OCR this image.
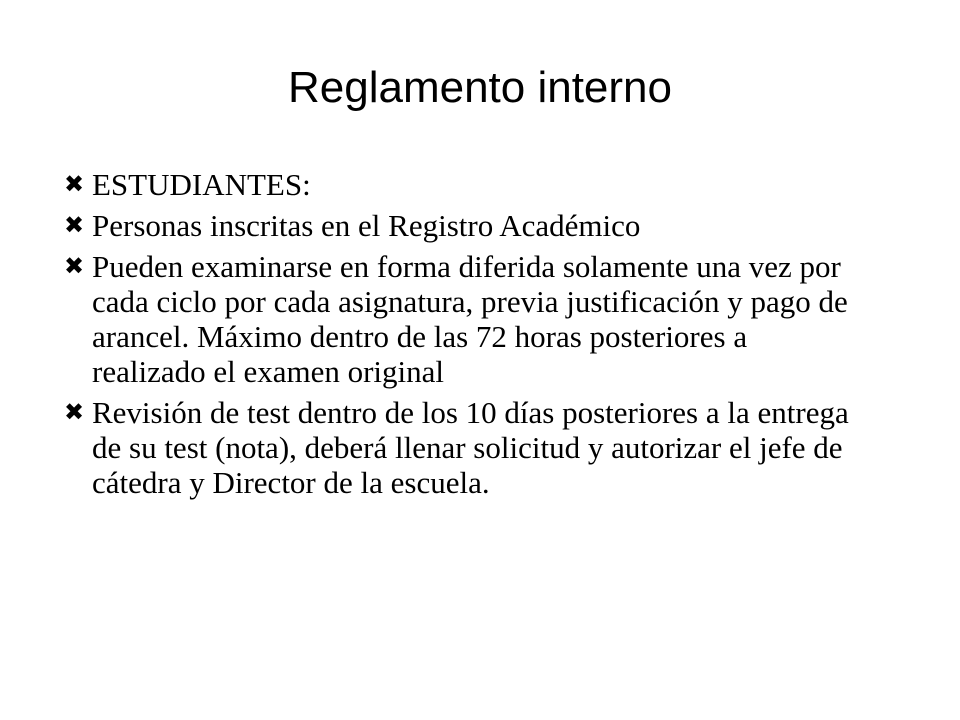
Reglamento interno
✖ ESTUDIANTES:
✖ Personas inscritas en el Registro Académico
✖ Pueden examinarse en forma diferida solamente una vez por cada ciclo por cada asignatura, previa justificación y pago de arancel. Máximo dentro de las 72 horas posteriores a realizado el examen original
✖ Revisión de test dentro de los 10 días posteriores a la entrega de su test (nota), deberá llenar solicitud y autorizar el jefe de cátedra y Director de la escuela.
